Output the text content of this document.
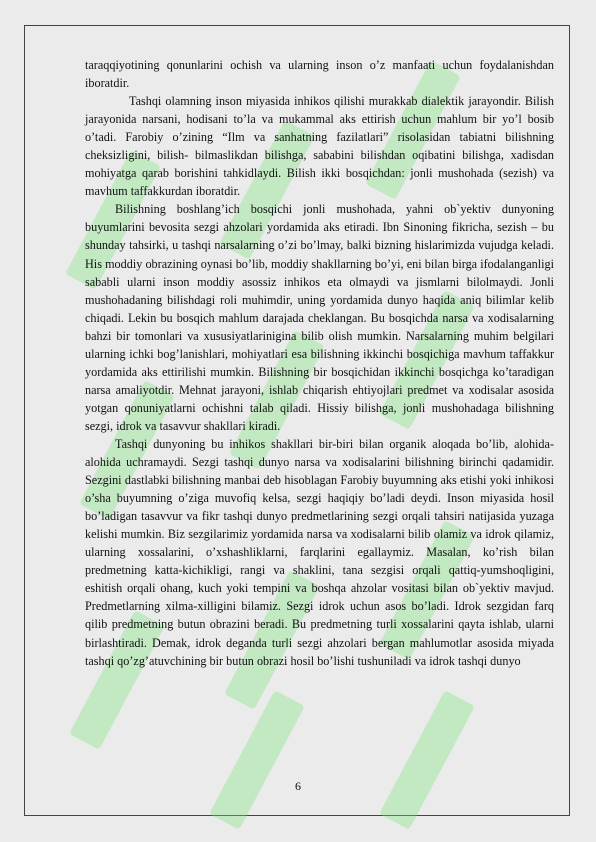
taraqqiyotining qonunlarini ochish va ularning inson o’z manfaati uchun foydalanishdan iboratdir.

Tashqi olamning inson miyasida inhikos qilishi murakkab dialektik jarayondir. Bilish jarayonida narsani, hodisani to’la va mukammal aks ettirish uchun mahlum bir yo’l bosib o’tadi. Farobiy o’zining “Ilm va sanhatning fazilatlari” risolasidan tabiatni bilishning cheksizligini, bilish- bilmaslikdan bilishga, sababini bilishdan oqibatini bilishga, xadisdan mohiyatga qarab borishini tahkidlaydi. Bilish ikki bosqichdan: jonli mushohada (sezish) va mavhum taffakkurdan iboratdir.

Bilishning boshlang’ich bosqichi jonli mushohada, yahni ob`yektiv dunyoning buyumlarini bevosita sezgi ahzolari yordamida aks etiradi. Ibn Sinoning fikricha, sezish – bu shunday tahsirki, u tashqi narsalarning o’zi bo’lmay, balki bizning hislarimizda vujudga keladi. His moddiy obrazining oynasi bo’lib, moddiy shakllarning bo’yi, eni bilan birga ifodalanganligi sababli ularni inson moddiy asossiz inhikos eta olmaydi va jismlarni bilolmaydi. Jonli mushohadaning bilishdagi roli muhimdir, uning yordamida dunyo haqida aniq bilimlar kelib chiqadi. Lekin bu bosqich mahlum darajada cheklangan. Bu bosqichda narsa va xodisalarning bahzi bir tomonlari va xususiyatlarinigina bilib olish mumkin. Narsalarning muhim belgilari ularning ichki bog’lanishlari, mohiyatlari esa bilishning ikkinchi bosqichiga mavhum taffakkur yordamida aks ettirilishi mumkin. Bilishning bir bosqichidan ikkinchi bosqichga ko’taradigan narsa amaliyotdir. Mehnat jarayoni, ishlab chiqarish ehtiyojlari predmet va xodisalar asosida yotgan qonuniyatlarni ochishni talab qiladi. Hissiy bilishga, jonli mushohadaga bilishning sezgi, idrok va tasavvur shakllari kiradi.

Tashqi dunyoning bu inhikos shakllari bir-biri bilan organik aloqada bo’lib, alohida-alohida uchramaydi. Sezgi tashqi dunyo narsa va xodisalarini bilishning birinchi qadamidir. Sezgini dastlabki bilishning manbai deb hisoblagan Farobiy buyumning aks etishi yoki inhikosi o’sha buyumning o’ziga muvofiq kelsa, sezgi haqiqiy bo’ladi deydi. Inson miyasida hosil bo’ladigan tasavvur va fikr tashqi dunyo predmetlarining sezgi orqali tahsiri natijasida yuzaga kelishi mumkin. Biz sezgilarimiz yordamida narsa va xodisalarni bilib olamiz va idrok qilamiz, ularning xossalarini, o’xshashliklarni, farqlarini egallaymiz. Masalan, ko’rish bilan predmetning katta-kichikligi, rangi va shaklini, tana sezgisi orqali qattiq-yumshoqligini, eshitish orqali ohang, kuch yoki tempini va boshqa ahzolar vositasi bilan ob`yektiv mavjud. Predmetlarning xilma-xilligini bilamiz. Sezgi idrok uchun asos bo’ladi. Idrok sezgidan farq qilib predmetning butun obrazini beradi. Bu predmetning turli xossalarini qayta ishlab, ularni birlashtiradi. Demak, idrok deganda turli sezgi ahzolari bergan mahlumotlar asosida miyada tashqi qo’zg’atuvchining bir butun obrazi hosil bo’lishi tushuniladi va idrok tashqi dunyo

6
